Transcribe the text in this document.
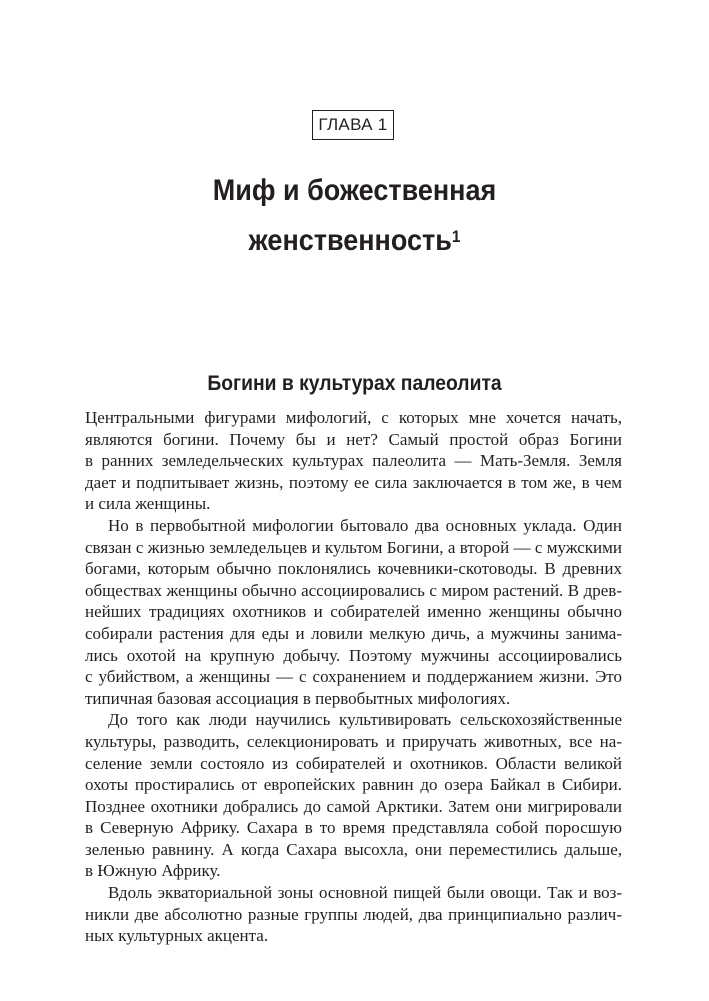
ГЛАВА 1
Миф и божественная
женственность$^1$
Богини в культурах палеолита

Центральными фигурами мифологий, с которых мне хочется начать,
являются богини. Почему бы и нет? Самый простой образ Богини
в ранних земледельческих культурах палеолита — Мать-Земля. Земля
дает и подпитывает жизнь, поэтому ее сила заключается в том же, в чем
и сила женщины.

Но в первобытной мифологии бытовало два основных уклада. Один
связан с жизнью земледельцев и культом Богини, а второй — с мужскими
богами, которым обычно поклонялись кочевники-скотоводы. В древних
обществах женщины обычно ассоциировались с миром растений. В древ-
нейших традициях охотников и собирателей именно женщины обычно
собирали растения для еды и ловили мелкую дичь, а мужчины занима-
лись охотой на крупную добычу. Поэтому мужчины ассоциировались
с убийством, а женщины — с сохранением и поддержанием жизни. Это
типичная базовая ассоциация в первобытных мифологиях.

До того как люди научились культивировать сельскохозяйственные
культуры, разводить, селекционировать и приручать животных, все на-
селение земли состояло из собирателей и охотников. Области великой
охоты простирались от европейских равнин до озера Байкал в Сибири.
Позднее охотники добрались до самой Арктики. Затем они мигрировали
в Северную Африку. Сахара в то время представляла собой поросшую
зеленью равнину. А когда Сахара высохла, они переместились дальше,
в Южную Африку.

Вдоль экваториальной зоны основной пищей были овощи. Так и воз-
никли две абсолютно разные группы людей, два принципиально различ-
ных культурных акцента.
